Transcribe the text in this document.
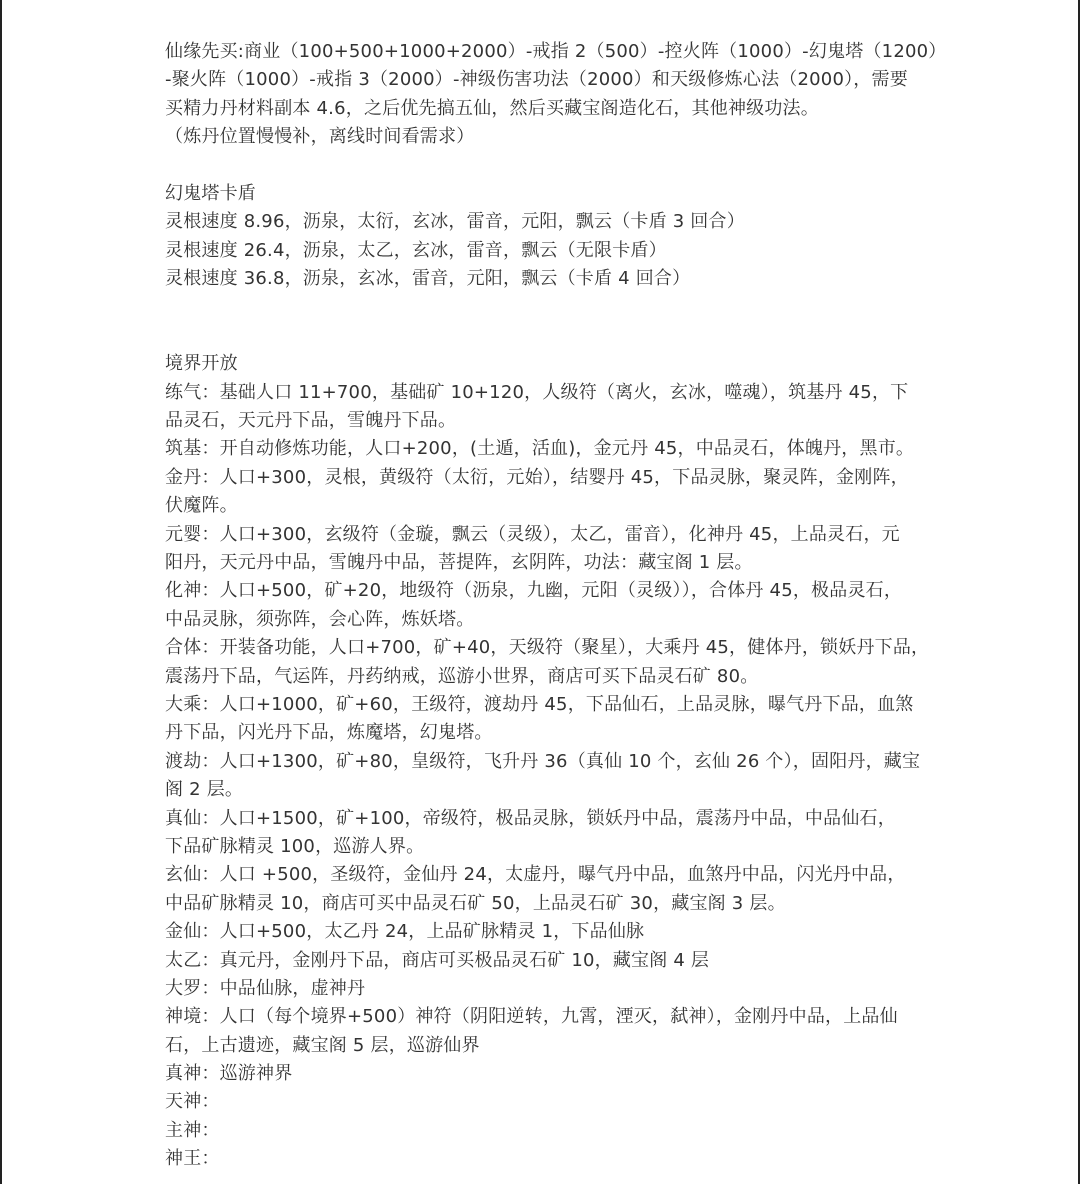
仙缘先买:商业（100+500+1000+2000）-戒指 2（500）-控火阵（1000）-幻鬼塔（1200）
-聚火阵（1000）-戒指 3（2000）-神级伤害功法（2000）和天级修炼心法（2000），需要
买精力丹材料副本 4.6，之后优先搞五仙，然后买藏宝阁造化石，其他神级功法。
（炼丹位置慢慢补，离线时间看需求）
幻鬼塔卡盾
灵根速度 8.96，沥泉，太衍，玄冰，雷音，元阳，飘云（卡盾 3 回合）
灵根速度 26.4，沥泉，太乙，玄冰，雷音，飘云（无限卡盾）
灵根速度 36.8，沥泉，玄冰，雷音，元阳，飘云（卡盾 4 回合）
境界开放
练气：基础人口 11+700，基础矿 10+120，人级符（离火，玄冰，噬魂），筑基丹 45，下
品灵石，天元丹下品，雪魄丹下品。
筑基：开自动修炼功能，人口+200，(土遁，活血)，金元丹 45，中品灵石，体魄丹，黑市。
金丹：人口+300，灵根，黄级符（太衍，元始），结婴丹 45，下品灵脉，聚灵阵，金刚阵，
伏魔阵。
元婴：人口+300，玄级符（金璇，飘云（灵级），太乙，雷音），化神丹 45，上品灵石，元
阳丹，天元丹中品，雪魄丹中品，菩提阵，玄阴阵，功法：藏宝阁 1 层。
化神：人口+500，矿+20，地级符（沥泉，九幽，元阳（灵级）），合体丹 45，极品灵石，
中品灵脉，须弥阵，会心阵，炼妖塔。
合体：开装备功能，人口+700，矿+40，天级符（聚星），大乘丹 45，健体丹，锁妖丹下品，
震荡丹下品，气运阵，丹药纳戒，巡游小世界，商店可买下品灵石矿 80。
大乘：人口+1000，矿+60，王级符，渡劫丹 45，下品仙石，上品灵脉，曝气丹下品，血煞
丹下品，闪光丹下品，炼魔塔，幻鬼塔。
渡劫：人口+1300，矿+80，皇级符，飞升丹 36（真仙 10 个，玄仙 26 个），固阳丹，藏宝
阁 2 层。
真仙：人口+1500，矿+100，帝级符，极品灵脉，锁妖丹中品，震荡丹中品，中品仙石，
下品矿脉精灵 100，巡游人界。
玄仙：人口 +500，圣级符，金仙丹 24，太虚丹，曝气丹中品，血煞丹中品，闪光丹中品，
中品矿脉精灵 10，商店可买中品灵石矿 50，上品灵石矿 30，藏宝阁 3 层。
金仙：人口+500，太乙丹 24，上品矿脉精灵 1，下品仙脉
太乙：真元丹，金刚丹下品，商店可买极品灵石矿 10，藏宝阁 4 层
大罗：中品仙脉，虚神丹
神境：人口（每个境界+500）神符（阴阳逆转，九霄，湮灭，弑神），金刚丹中品，上品仙
石，上古遗迹，藏宝阁 5 层，巡游仙界
真神：巡游神界
天神：
主神：
神王：
